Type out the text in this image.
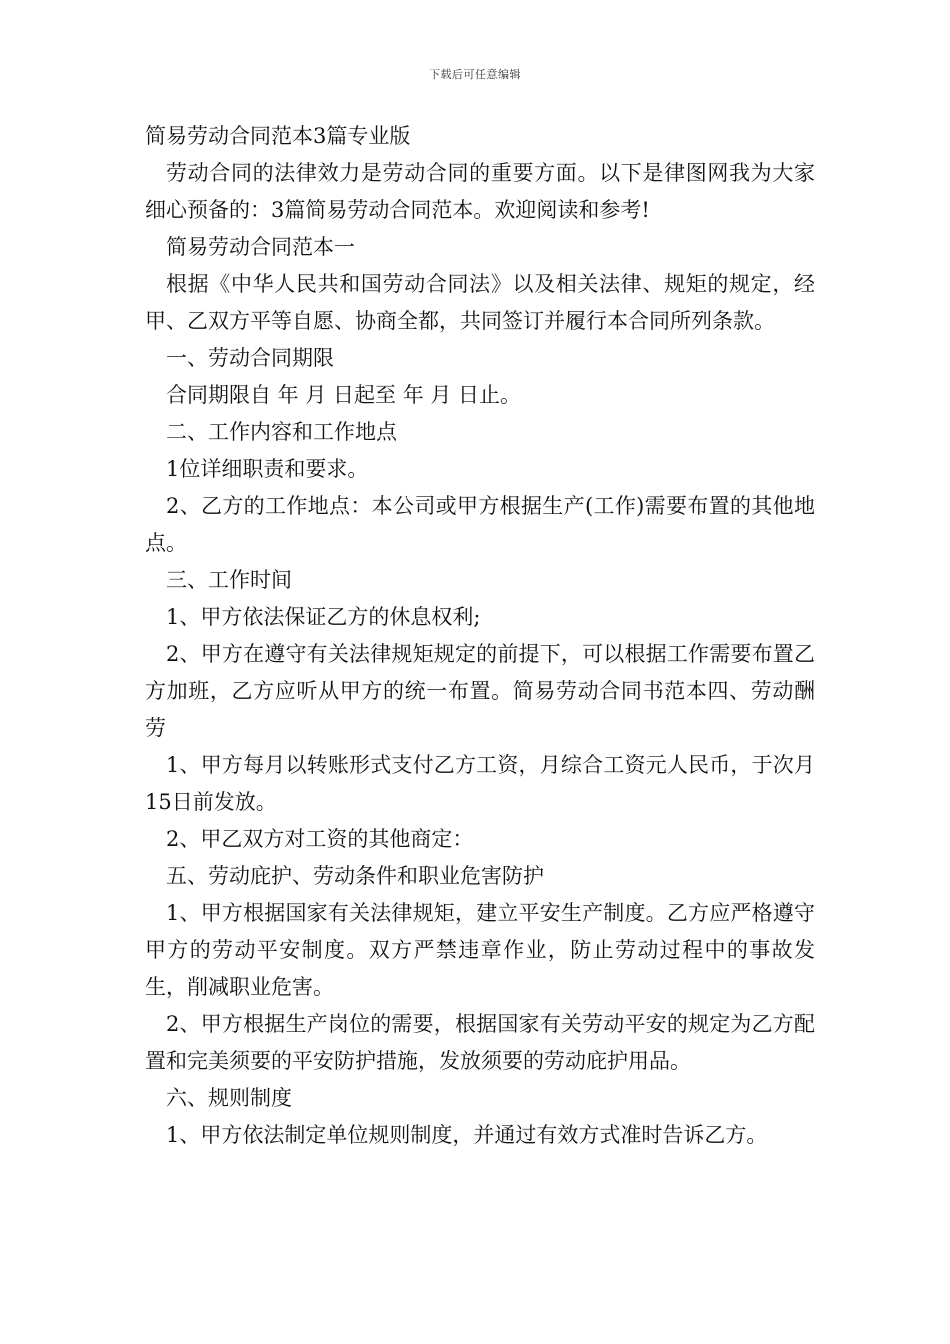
下载后可任意编辑

简易劳动合同范本3篇专业版

劳动合同的法律效力是劳动合同的重要方面。以下是律图网我为大家细心预备的：3篇简易劳动合同范本。欢迎阅读和参考!

简易劳动合同范本一

根据《中华人民共和国劳动合同法》以及相关法律、规矩的规定，经甲、乙双方平等自愿、协商全都，共同签订并履行本合同所列条款。

一、劳动合同期限

合同期限自 年 月 日起至 年 月 日止。

二、工作内容和工作地点

1位详细职责和要求。

2、乙方的工作地点：本公司或甲方根据生产(工作)需要布置的其他地点。

三、工作时间

1、甲方依法保证乙方的休息权利;

2、甲方在遵守有关法律规矩规定的前提下，可以根据工作需要布置乙方加班，乙方应听从甲方的统一布置。简易劳动合同书范本四、劳动酬劳

1、甲方每月以转账形式支付乙方工资，月综合工资元人民币，于次月15日前发放。

2、甲乙双方对工资的其他商定：

五、劳动庇护、劳动条件和职业危害防护

1、甲方根据国家有关法律规矩，建立平安生产制度。乙方应严格遵守甲方的劳动平安制度。双方严禁违章作业，防止劳动过程中的事故发生，削减职业危害。

2、甲方根据生产岗位的需要，根据国家有关劳动平安的规定为乙方配置和完美须要的平安防护措施，发放须要的劳动庇护用品。

六、规则制度

1、甲方依法制定单位规则制度，并通过有效方式准时告诉乙方。
